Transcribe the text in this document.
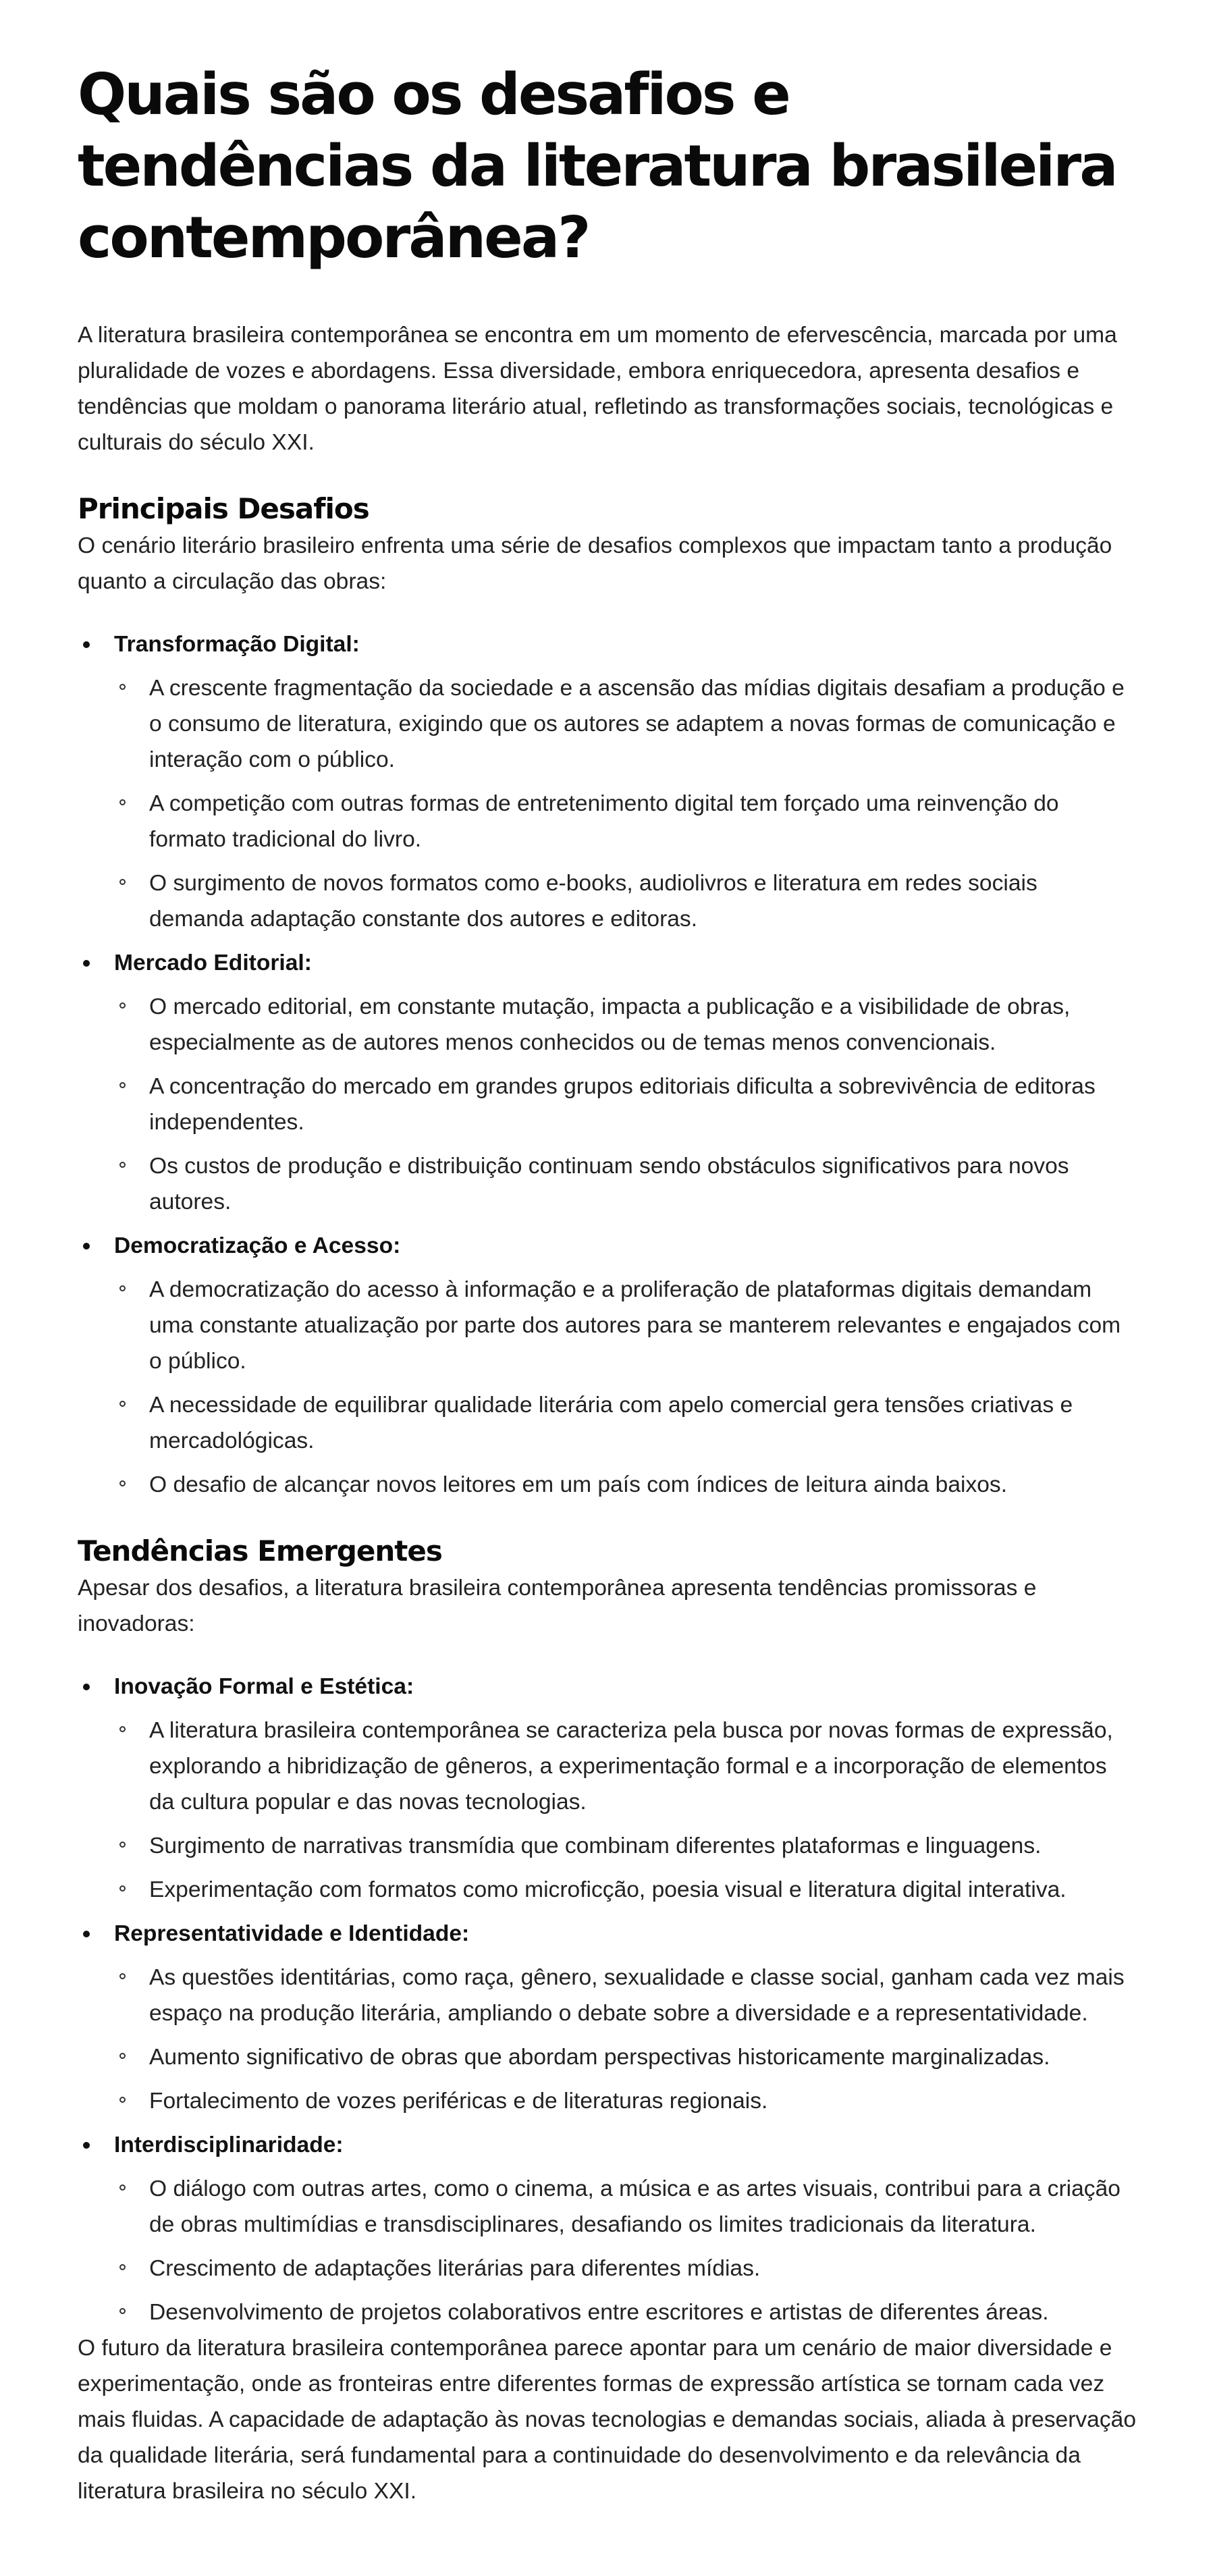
Quais são os desafios e tendências da literatura brasileira contemporânea?

A literatura brasileira contemporânea se encontra em um momento de efervescência, marcada por uma pluralidade de vozes e abordagens. Essa diversidade, embora enriquecedora, apresenta desafios e tendências que moldam o panorama literário atual, refletindo as transformações sociais, tecnológicas e culturais do século XXI.

Principais Desafios

O cenário literário brasileiro enfrenta uma série de desafios complexos que impactam tanto a produção quanto a circulação das obras:

Transformação Digital:
A crescente fragmentação da sociedade e a ascensão das mídias digitais desafiam a produção e o consumo de literatura, exigindo que os autores se adaptem a novas formas de comunicação e interação com o público.
A competição com outras formas de entretenimento digital tem forçado uma reinvenção do formato tradicional do livro.
O surgimento de novos formatos como e-books, audiolivros e literatura em redes sociais demanda adaptação constante dos autores e editoras.
Mercado Editorial:
O mercado editorial, em constante mutação, impacta a publicação e a visibilidade de obras, especialmente as de autores menos conhecidos ou de temas menos convencionais.
A concentração do mercado em grandes grupos editoriais dificulta a sobrevivência de editoras independentes.
Os custos de produção e distribuição continuam sendo obstáculos significativos para novos autores.
Democratização e Acesso:
A democratização do acesso à informação e a proliferação de plataformas digitais demandam uma constante atualização por parte dos autores para se manterem relevantes e engajados com o público.
A necessidade de equilibrar qualidade literária com apelo comercial gera tensões criativas e mercadológicas.
O desafio de alcançar novos leitores em um país com índices de leitura ainda baixos.
Tendências Emergentes

Apesar dos desafios, a literatura brasileira contemporânea apresenta tendências promissoras e inovadoras:

Inovação Formal e Estética:
A literatura brasileira contemporânea se caracteriza pela busca por novas formas de expressão, explorando a hibridização de gêneros, a experimentação formal e a incorporação de elementos da cultura popular e das novas tecnologias.
Surgimento de narrativas transmídia que combinam diferentes plataformas e linguagens.
Experimentação com formatos como microficção, poesia visual e literatura digital interativa.
Representatividade e Identidade:
As questões identitárias, como raça, gênero, sexualidade e classe social, ganham cada vez mais espaço na produção literária, ampliando o debate sobre a diversidade e a representatividade.
Aumento significativo de obras que abordam perspectivas historicamente marginalizadas.
Fortalecimento de vozes periféricas e de literaturas regionais.
Interdisciplinaridade:
O diálogo com outras artes, como o cinema, a música e as artes visuais, contribui para a criação de obras multimídias e transdisciplinares, desafiando os limites tradicionais da literatura.
Crescimento de adaptações literárias para diferentes mídias.
Desenvolvimento de projetos colaborativos entre escritores e artistas de diferentes áreas.

O futuro da literatura brasileira contemporânea parece apontar para um cenário de maior diversidade e experimentação, onde as fronteiras entre diferentes formas de expressão artística se tornam cada vez mais fluidas. A capacidade de adaptação às novas tecnologias e demandas sociais, aliada à preservação da qualidade literária, será fundamental para a continuidade do desenvolvimento e da relevância da literatura brasileira no século XXI.
